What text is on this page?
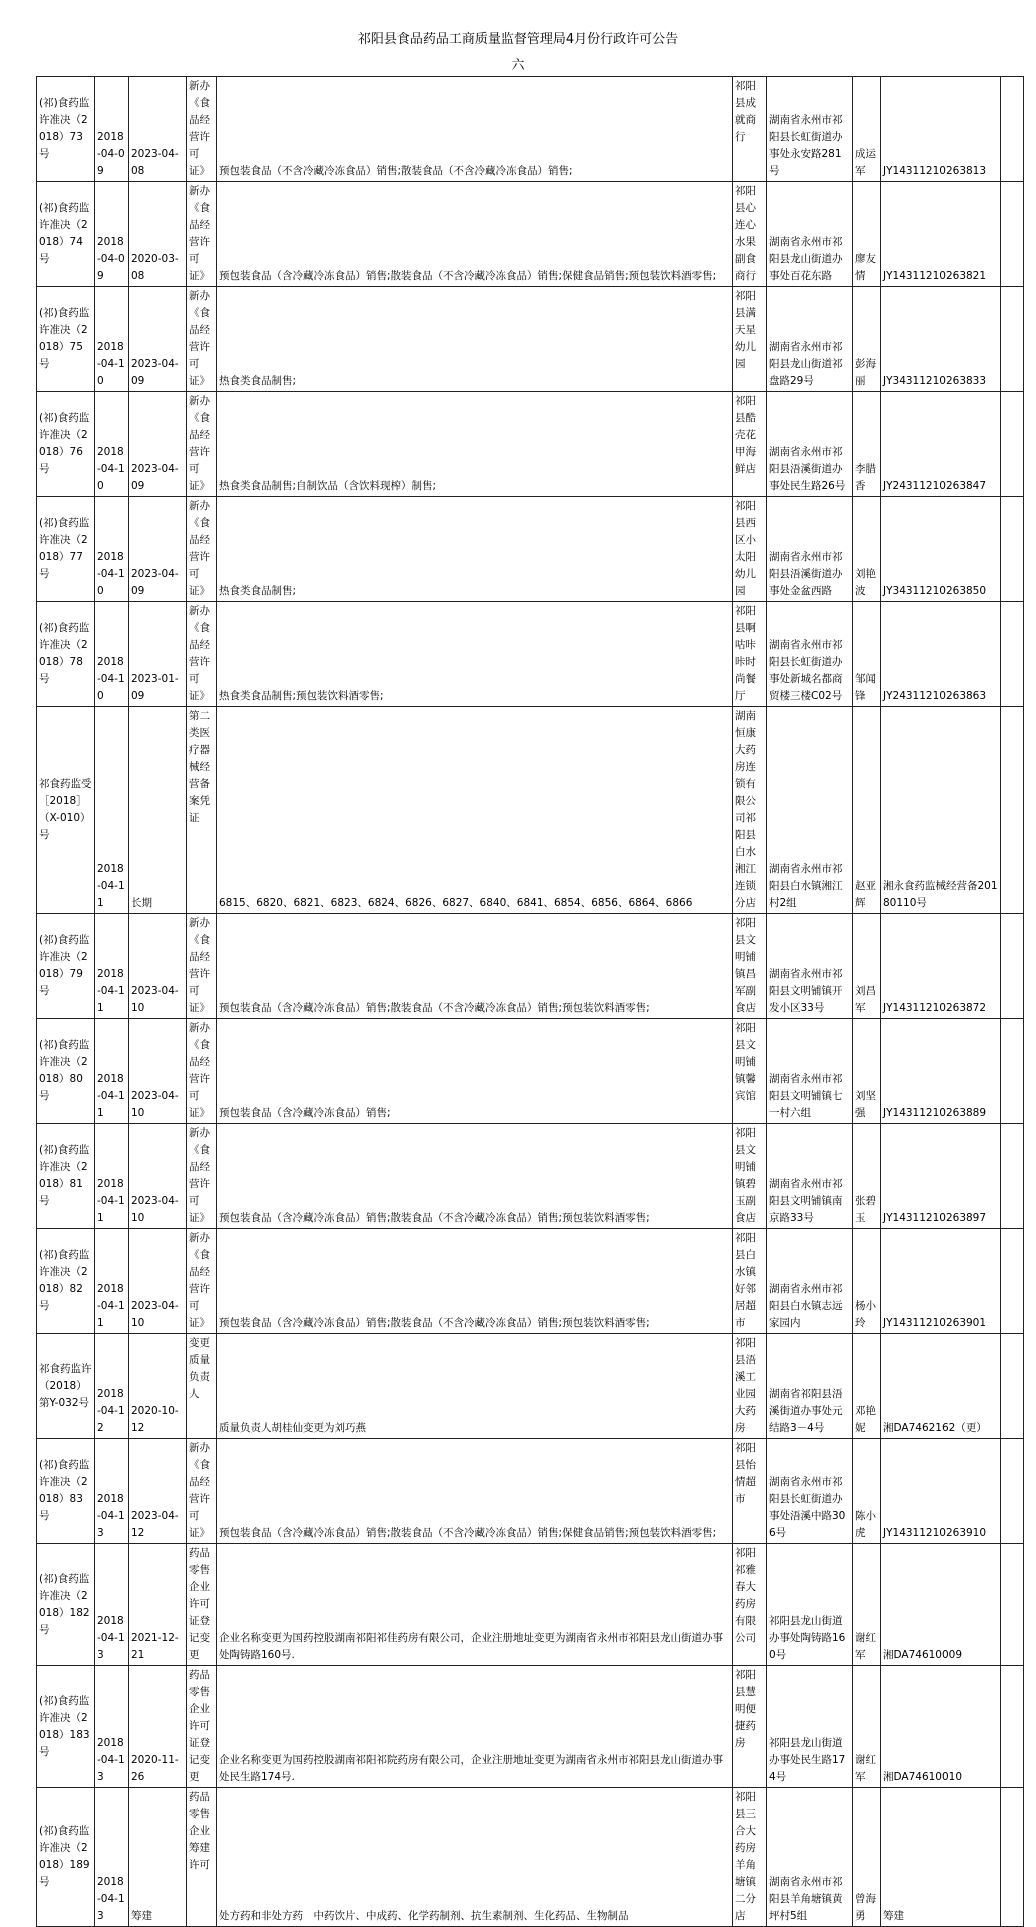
祁阳县食品药品工商质量监督管理局4月份行政许可公告
六
(祁)食药监许准决（2018）73号	2018-04-09	2023-04-08	新办《食品经营许可证》	预包装食品（不含冷藏冷冻食品）销售;散装食品（不含冷藏冷冻食品）销售;	祁阳县成就商行	湖南省永州市祁阳县长虹街道办事处永安路281号	成运军	JY14311210263813	
(祁)食药监许准决（2018）74号	2018-04-09	2020-03-08	新办《食品经营许可证》	预包装食品（含冷藏冷冻食品）销售;散装食品（不含冷藏冷冻食品）销售;保健食品销售;预包装饮料酒零售;	祁阳县心连心水果副食商行	湖南省永州市祁阳县龙山街道办事处百花东路	廖友情	JY14311210263821	
(祁)食药监许准决（2018）75号	2018-04-10	2023-04-09	新办《食品经营许可证》	热食类食品制售;	祁阳县满天星幼儿园	湖南省永州市祁阳县龙山街道祁盘路29号	彭海丽	JY34311210263833	
(祁)食药监许准决（2018）76号	2018-04-10	2023-04-09	新办《食品经营许可证》	热食类食品制售;自制饮品（含饮料现榨）制售;	祁阳县酷壳花甲海鲜店	湖南省永州市祁阳县浯溪街道办事处民生路26号	李腊香	JY24311210263847	
(祁)食药监许准决（2018）77号	2018-04-10	2023-04-09	新办《食品经营许可证》	热食类食品制售;	祁阳县西区小太阳幼儿园	湖南省永州市祁阳县浯溪街道办事处金盆西路	刘艳波	JY34311210263850	
(祁)食药监许准决（2018）78号	2018-04-10	2023-01-09	新办《食品经营许可证》	热食类食品制售;预包装饮料酒零售;	祁阳县啊咕咔咔时尚餐厅	湖南省永州市祁阳县长虹街道办事处新城名都商贸楼三楼C02号	邹闻锋	JY24311210263863	
祁食药监受［2018］（X-010）号	2018-04-11	长期	第二类医疗器械经营备案凭证	6815、6820、6821、6823、6824、6826、6827、6840、6841、6854、6856、6864、6866	湖南恒康大药房连锁有限公司祁阳县白水湘江连锁分店	湖南省永州市祁阳县白水镇湘江村2组	赵亚辉	湘永食药监械经营备20180110号	
(祁)食药监许准决（2018）79号	2018-04-11	2023-04-10	新办《食品经营许可证》	预包装食品（含冷藏冷冻食品）销售;散装食品（不含冷藏冷冻食品）销售;预包装饮料酒零售;	祁阳县文明铺镇昌军副食店	湖南省永州市祁阳县文明铺镇开发小区33号	刘昌军	JY14311210263872	
(祁)食药监许准决（2018）80号	2018-04-11	2023-04-10	新办《食品经营许可证》	预包装食品（含冷藏冷冻食品）销售;	祁阳县文明铺镇馨宾馆	湖南省永州市祁阳县文明铺镇七一村六组	刘坚强	JY14311210263889	
(祁)食药监许准决（2018）81号	2018-04-11	2023-04-10	新办《食品经营许可证》	预包装食品（含冷藏冷冻食品）销售;散装食品（不含冷藏冷冻食品）销售;预包装饮料酒零售;	祁阳县文明铺镇碧玉副食店	湖南省永州市祁阳县文明铺镇南京路33号	张碧玉	JY14311210263897	
(祁)食药监许准决（2018）82号	2018-04-11	2023-04-10	新办《食品经营许可证》	预包装食品（含冷藏冷冻食品）销售;散装食品（不含冷藏冷冻食品）销售;预包装饮料酒零售;	祁阳县白水镇好邻居超市	湖南省永州市祁阳县白水镇志远家园内	杨小玲	JY14311210263901	
祁食药监许（2018）第Y-032号	2018-04-12	2020-10-12	变更质量负责人	质量负责人胡桂仙变更为刘巧燕	祁阳县浯溪工业园大药房	湖南省祁阳县浯溪街道办事处元结路3－4号	邓艳妮	湘DA7462162（更）	
(祁)食药监许准决（2018）83号	2018-04-13	2023-04-12	新办《食品经营许可证》	预包装食品（含冷藏冷冻食品）销售;散装食品（不含冷藏冷冻食品）销售;保健食品销售;预包装饮料酒零售;	祁阳县怡情超市	湖南省永州市祁阳县长虹街道办事处浯溪中路306号	陈小虎	JY14311210263910	
(祁)食药监许准决（2018）182号	2018-04-13	2021-12-21	药品零售企业许可证登记变更	企业名称变更为国药控股湖南祁阳祁佳药房有限公司，企业注册地址变更为湖南省永州市祁阳县龙山街道办事处陶铸路160号.	祁阳祁雅春大药房有限公司	祁阳县龙山街道办事处陶铸路160号	谢红军	湘DA74610009	
(祁)食药监许准决（2018）183号	2018-04-13	2020-11-26	药品零售企业许可证登记变更	企业名称变更为国药控股湖南祁阳祁院药房有限公司，企业注册地址变更为湖南省永州市祁阳县龙山街道办事处民生路174号.	祁阳县慧明便捷药房	祁阳县龙山街道办事处民生路174号	谢红军	湘DA74610010	
(祁)食药监许准决（2018）189号	2018-04-13	筹建	药品零售企业筹建许可	处方药和非处方药　中药饮片、中成药、化学药制剂、抗生素制剂、生化药品、生物制品	祁阳县三合大药房羊角塘镇二分店	湖南省永州市祁阳县羊角塘镇黄坪村5组	曾海勇	筹建	
